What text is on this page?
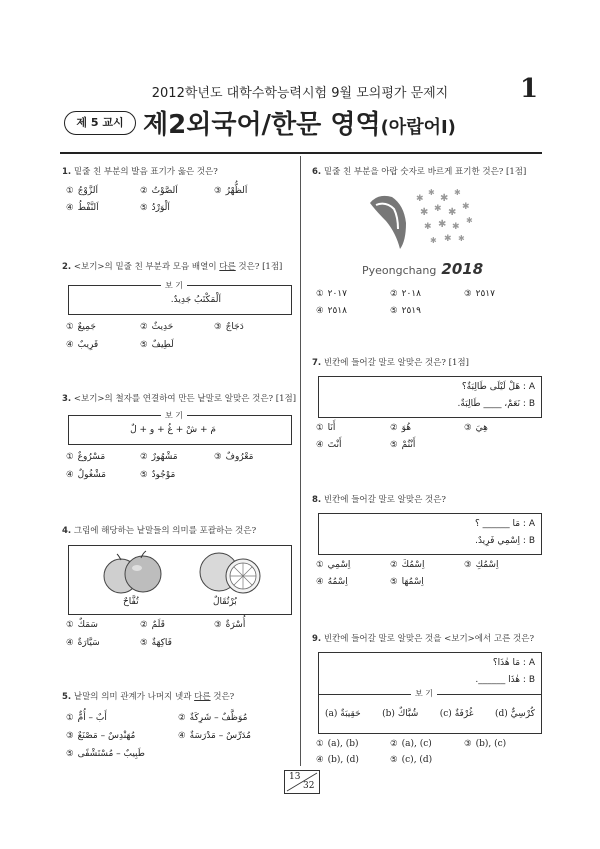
2012학년도 대학수학능력시험 9월 모의평가 문제지	1
제 5 교시 제2외국어/한문 영역(아랍어Ⅰ)
1. 밑줄 친 부분의 발음 표기가 옳은 것은?
① اَلزَّوْجُ	② اَلصَّوْتُ	③ اَلظُّهْرُ
④ اَلنَّفْطُ	⑤ اَلْوَرْدُ
2. <보기>의 밑줄 친 부분과 모음 배열이 다른 것은? [1점]
보 기
اَلْمَكْتَبُ جَدِيدٌ.
① جَمِيعٌ	② حَدِيثٌ	③ دَجَاجٌ
④ قَرِيبٌ	⑤ لَطِيفٌ
3. <보기>의 철자를 연결하여 만든 낱말로 알맞은 것은? [1점]
보 기
مَ + شْ + غُ + و + لٌ
① مَسْرُوعٌ	② مَشْهُورٌ	③ مَعْرُوفٌ
④ مَشْغُولٌ	⑤ مَوْجُودٌ
4. 그림에 해당하는 낱말들의 의미를 포괄하는 것은?
تُفَّاحٌ	بُرْتُقَالٌ
① سَمَكٌ	② قَلَمٌ	③ أُسْرَةٌ
④ سَيَّارَةٌ	⑤ فَاكِهَةٌ
5. 낱말의 의미 관계가 나머지 넷과 다른 것은?
① أَبٌ – أُمٌّ	② مُوَظَّفٌ – شَرِكَةٌ
③ مُهَنْدِسٌ – مَصْنَعٌ	④ مُدَرِّسٌ – مَدْرَسَةٌ
⑤ طَبِيبٌ – مُسْتَشْفًى
6. 밑줄 친 부분을 아랍 숫자로 바르게 표기한 것은? [1점]
✱
✱
✱
✱
✱ ✱ ✱ ✱
✱ ✱ ✱
✱
✱ ✱ ✱
Pyeongchang 2018
① ٢٠١٧	② ٢٠١٨	③ ٢٥١٧
④ ٢٥١٨	⑤ ٢٥١٩
7. 빈칸에 들어갈 말로 알맞은 것은? [1점]
A : هَلْ لَيْلَى طَالِبَةٌ؟
B : نَعَمْ، ____ طَالِبَةٌ.
① أَنَا	② هُوَ	③ هِيَ
④ أَنْتَ	⑤ أَنْتُمْ
8. 빈칸에 들어갈 말로 알맞은 것은?
A : مَا ______ ؟
B : اِسْمِي فَرِيدٌ.
① اِسْمِي	② اِسْمُكَ	③ اِسْمُكِ
④ اِسْمُهُ	⑤ اِسْمُهَا
9. 빈칸에 들어갈 말로 알맞은 것을 <보기>에서 고른 것은?
A : مَا هٰذَا؟
B : هٰذَا ______.
보 기
(a) حَقِيبَةٌ (b) شُبَّاكٌ (c) غُرْفَةٌ (d) كُرْسِيٌّ
① (a), (b)	② (a), (c)	③ (b), (c)
④ (b), (d)	⑤ (c), (d)
13
32
